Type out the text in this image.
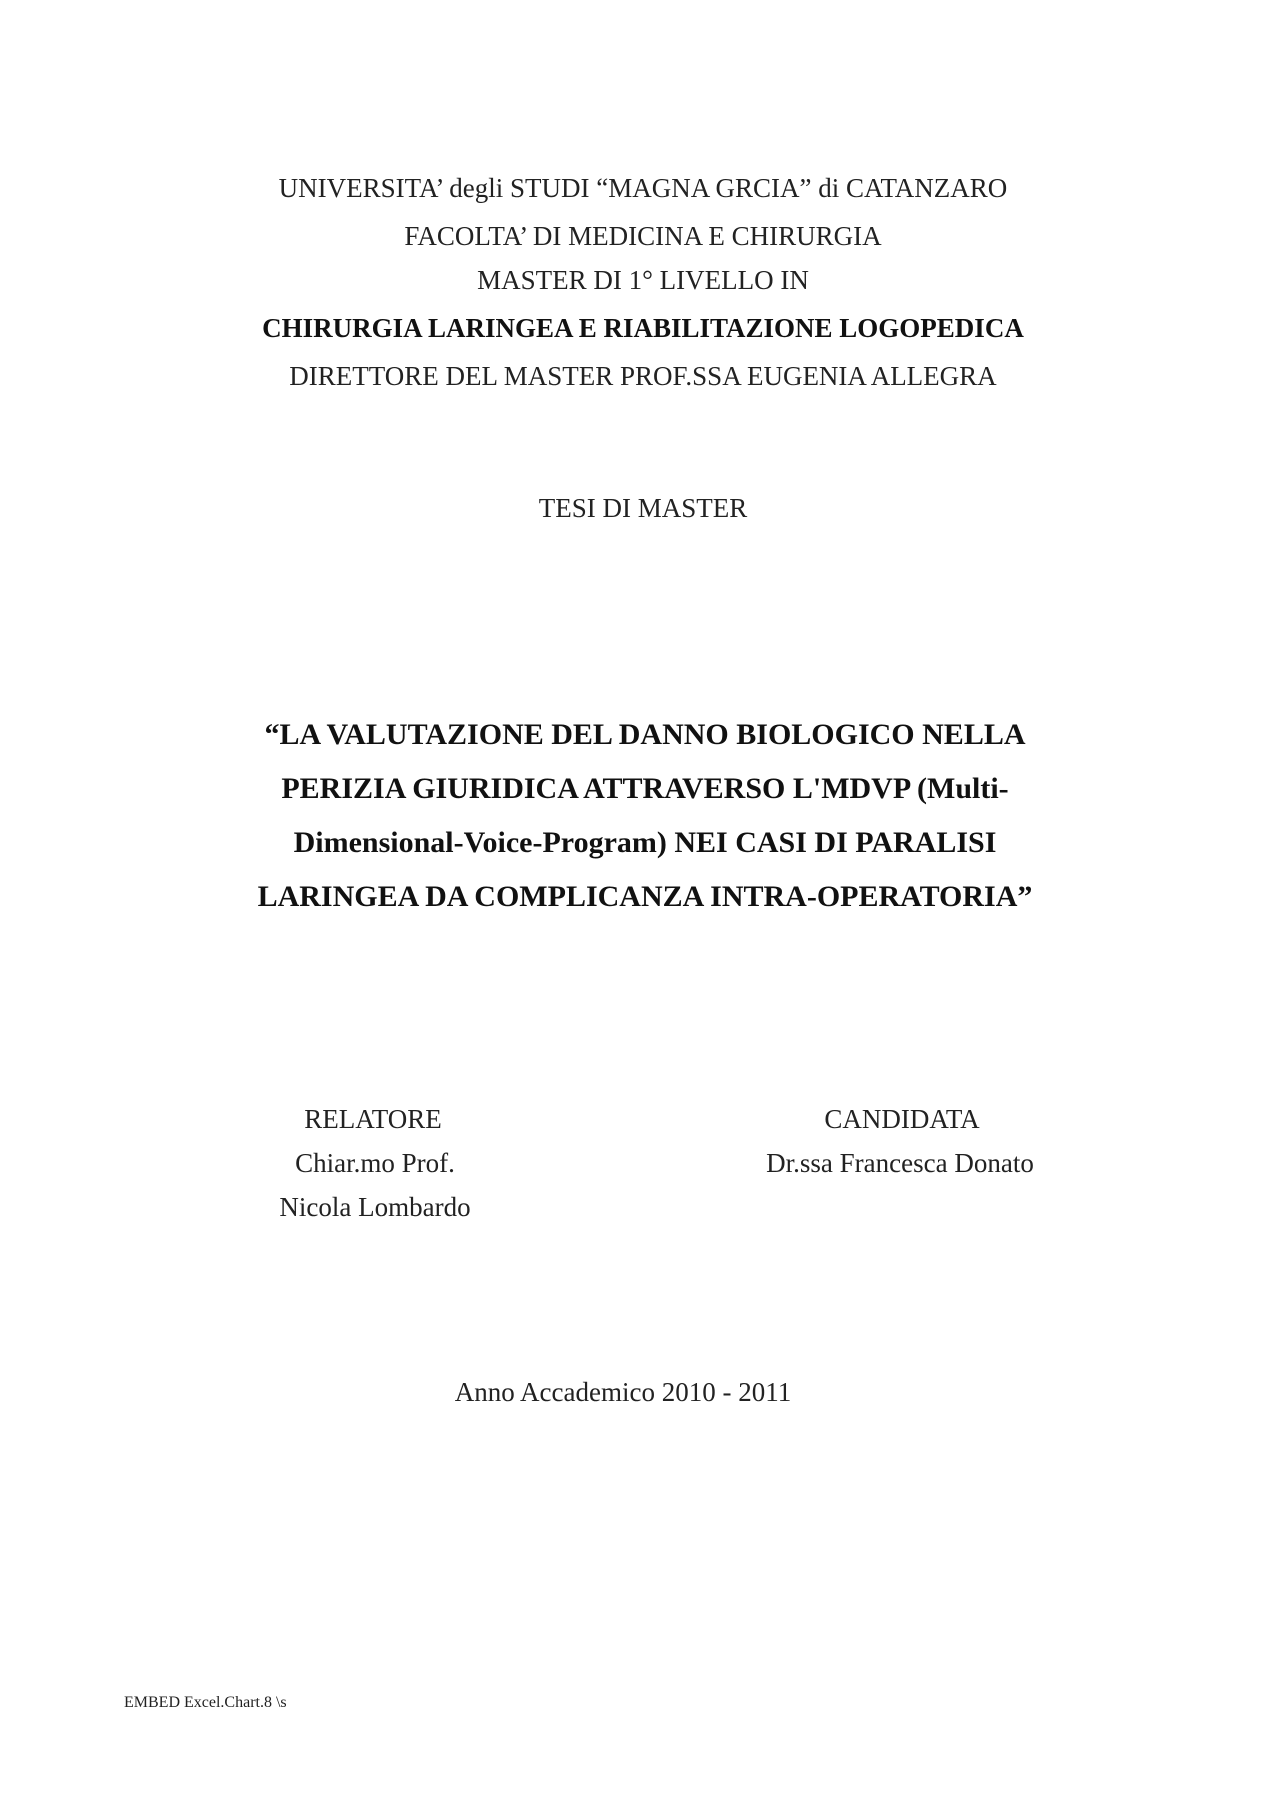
UNIVERSITA’ degli STUDI “MAGNA GRCIA” di CATANZARO
FACOLTA’ DI MEDICINA E CHIRURGIA
MASTER DI 1° LIVELLO IN
CHIRURGIA LARINGEA E RIABILITAZIONE LOGOPEDICA
DIRETTORE DEL MASTER PROF.SSA EUGENIA ALLEGRA
TESI DI MASTER
“LA VALUTAZIONE DEL DANNO BIOLOGICO NELLA
PERIZIA GIURIDICA ATTRAVERSO L'MDVP (Multi-
Dimensional-Voice-Program) NEI CASI DI PARALISI
LARINGEA DA COMPLICANZA INTRA-OPERATORIA”
RELATORE
Chiar.mo Prof.
Nicola Lombardo
CANDIDATA
Dr.ssa Francesca Donato
Anno Accademico 2010 - 2011
EMBED Excel.Chart.8 \s
